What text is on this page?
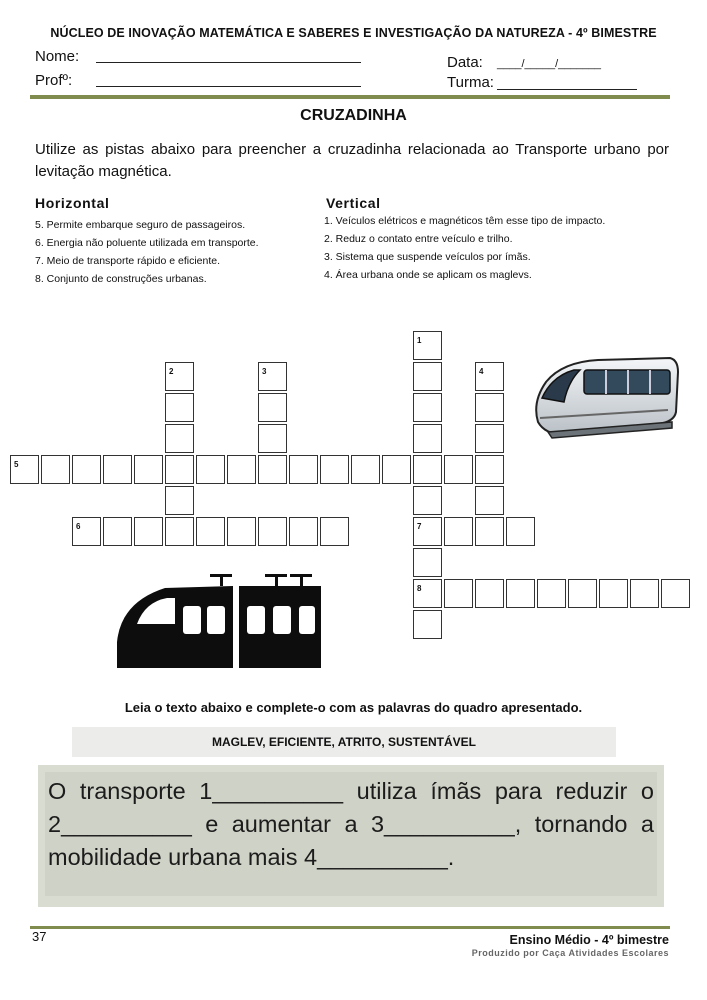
NÚCLEO DE INOVAÇÃO MATEMÁTICA E SABERES E INVESTIGAÇÃO DA NATUREZA - 4º BIMESTRE
Nome:
Profº:
Data: ____/_____/_______
Turma:
CRUZADINHA
Utilize as pistas abaixo para preencher a cruzadinha relacionada ao Transporte urbano por levitação magnética.
Horizontal
5. Permite embarque seguro de passageiros.
6. Energia não poluente utilizada em transporte.
7. Meio de transporte rápido e eficiente.
8. Conjunto de construções urbanas.
Vertical
1. Veículos elétricos e magnéticos têm esse tipo de impacto.
2. Reduz o contato entre veículo e trilho.
3. Sistema que suspende veículos por ímãs.
4. Área urbana onde se aplicam os maglevs.
1
2	3	4
5
6	7
8
Leia o texto abaixo e complete-o com as palavras do quadro apresentado.
MAGLEV, EFICIENTE, ATRITO, SUSTENTÁVEL
O transporte 1__________ utiliza ímãs para reduzir o 2__________ e aumentar a 3__________, tornando a mobilidade urbana mais 4__________.
37	Ensino Médio - 4º bimestre
Produzido por Caça Atividades Escolares
